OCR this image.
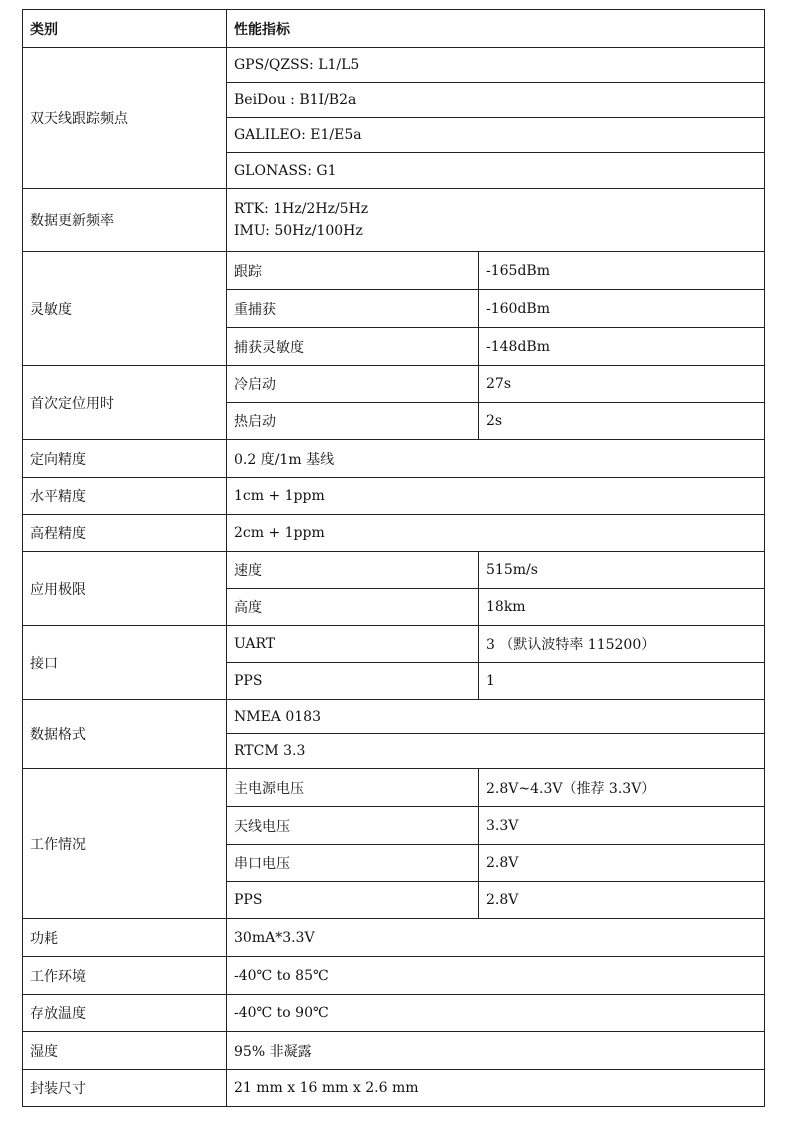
类别	性能指标	
双天线跟踪频点	GPS/QZSS: L1/L5	
	BeiDou : B1I/B2a	
	GALILEO: E1/E5a	
	GLONASS: G1	
数据更新频率	RTK: 1Hz/2Hz/5Hz
IMU: 50Hz/100Hz	

灵敏度	跟踪	-165dBm
	重捕获	-160dBm
	捕获灵敏度	-148dBm
首次定位用时	冷启动	27s
	热启动	2s
定向精度	0.2 度/1m 基线	
水平精度	1cm + 1ppm	
高程精度	2cm + 1ppm	
应用极限	速度	515m/s
	高度	18km
接口	UART	3 （默认波特率 115200）
	PPS	1
数据格式	NMEA 0183	
	RTCM 3.3	
工作情况	主电源电压	2.8V~4.3V（推荐 3.3V）
	天线电压	3.3V
	串口电压	2.8V
	PPS	2.8V
功耗	30mA*3.3V	
工作环境	-40℃ to 85℃	
存放温度	-40℃ to 90℃	
湿度	95% 非凝露	
封装尺寸	21 mm x 16 mm x 2.6 mm	
